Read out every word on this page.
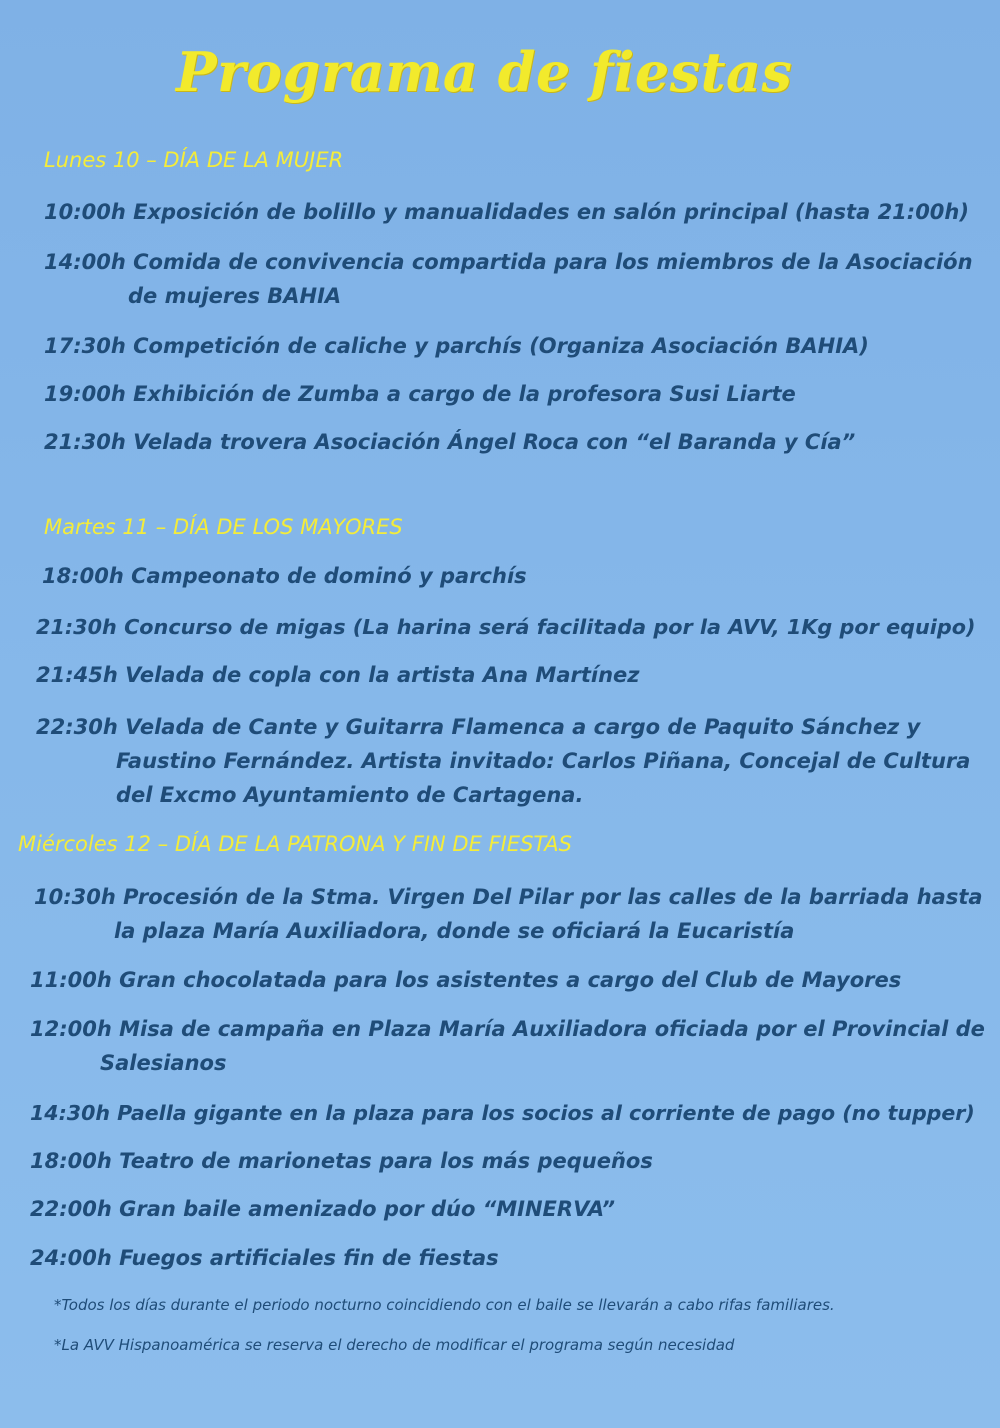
Programa de fiestas
Lunes 10 – DÍA DE LA MUJER
10:00h Exposición de bolillo y manualidades en salón principal (hasta 21:00h)
14:00h Comida de convivencia compartida para los miembros de la Asociación
de mujeres BAHIA
17:30h Competición de caliche y parchís (Organiza Asociación BAHIA)
19:00h Exhibición de Zumba a cargo de la profesora Susi Liarte
21:30h Velada trovera Asociación Ángel Roca con “el Baranda y Cía”
Martes 11 – DÍA DE LOS MAYORES
18:00h Campeonato de dominó y parchís
21:30h Concurso de migas (La harina será facilitada por la AVV, 1Kg por equipo)
21:45h Velada de copla con la artista Ana Martínez
22:30h Velada de Cante y Guitarra Flamenca a cargo de Paquito Sánchez y
Faustino Fernández. Artista invitado: Carlos Piñana, Concejal de Cultura
del Excmo Ayuntamiento de Cartagena.
Miércoles 12 – DÍA DE LA PATRONA Y FIN DE FIESTAS
10:30h Procesión de la Stma. Virgen Del Pilar por las calles de la barriada hasta
la plaza María Auxiliadora, donde se oficiará la Eucaristía
11:00h Gran chocolatada para los asistentes a cargo del Club de Mayores
12:00h Misa de campaña en Plaza María Auxiliadora oficiada por el Provincial de
Salesianos
14:30h Paella gigante en la plaza para los socios al corriente de pago (no tupper)
18:00h Teatro de marionetas para los más pequeños
22:00h Gran baile amenizado por dúo “MINERVA”
24:00h Fuegos artificiales fin de fiestas
*Todos los días durante el periodo nocturno coincidiendo con el baile se llevarán a cabo rifas familiares.
*La AVV Hispanoamérica se reserva el derecho de modificar el programa según necesidad
